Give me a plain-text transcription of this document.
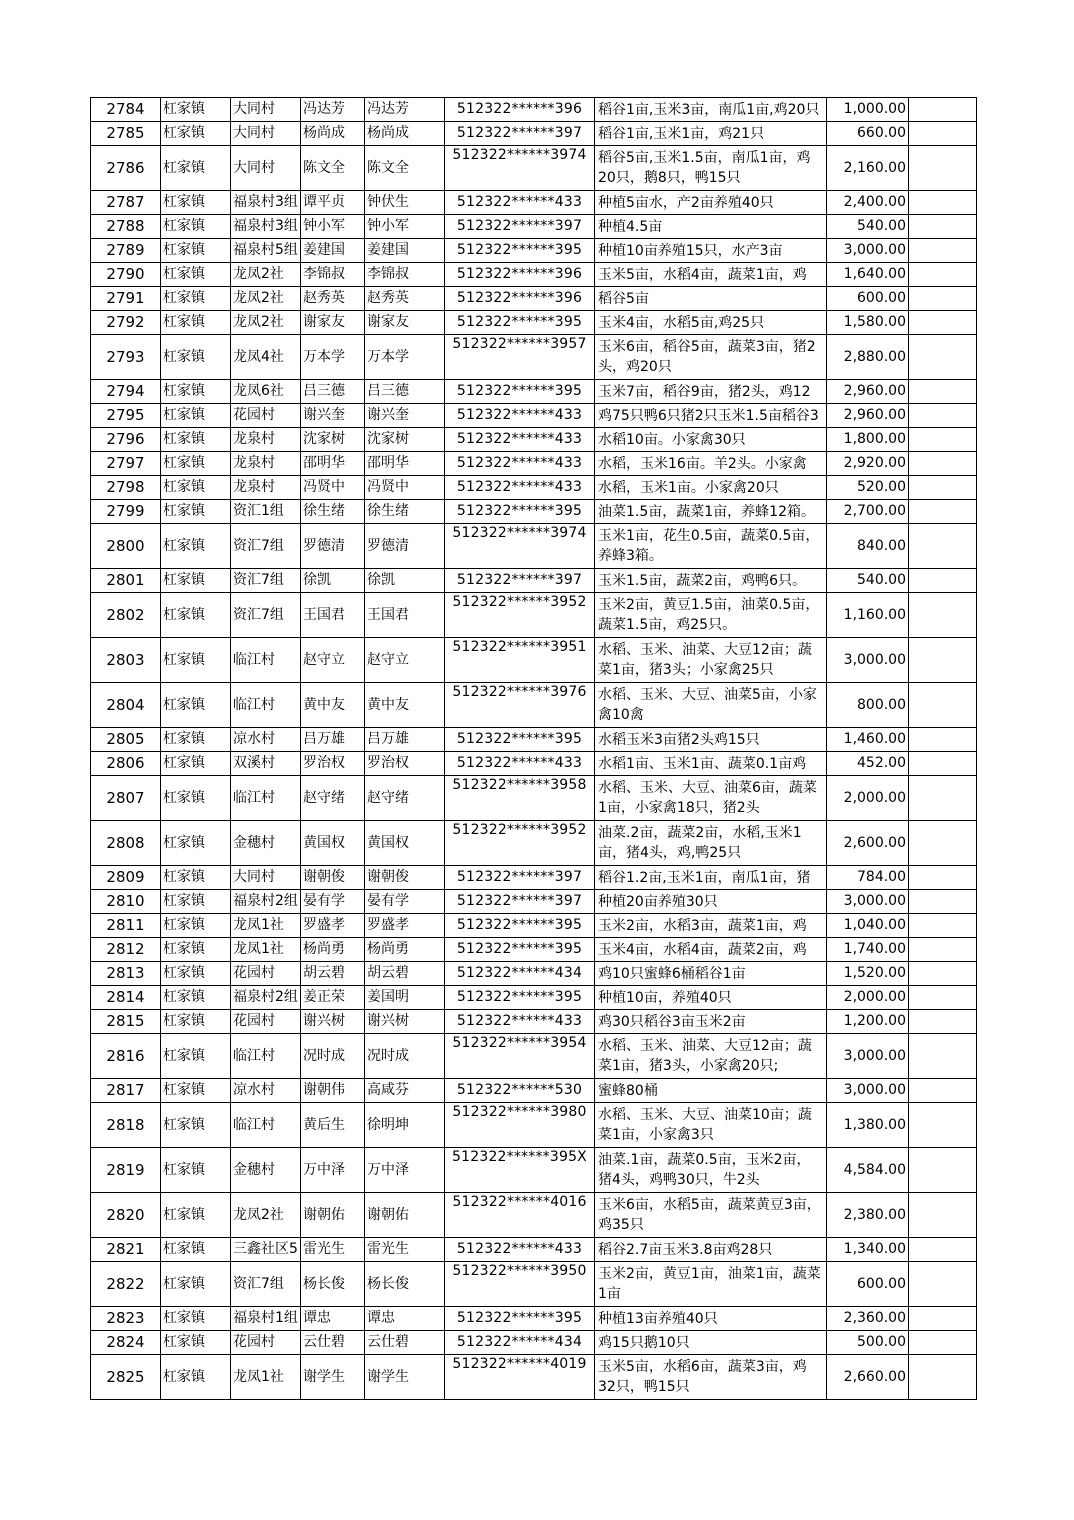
2784	杠家镇	大同村	冯达芳	冯达芳	512322******396	稻谷1亩,玉米3亩，南瓜1亩,鸡20只	1,000.00	
2785	杠家镇	大同村	杨尚成	杨尚成	512322******397	稻谷1亩,玉米1亩，鸡21只	660.00	
2786	杠家镇	大同村	陈文全	陈文全	512322******3974	稻谷5亩,玉米1.5亩，南瓜1亩，鸡20只，鹅8只，鸭15只	2,160.00	
2787	杠家镇	福泉村3组	谭平贞	钟伏生	512322******433	种植5亩水，产2亩养殖40只	2,400.00	
2788	杠家镇	福泉村3组	钟小军	钟小军	512322******397	种植4.5亩	540.00	
2789	杠家镇	福泉村5组	姜建国	姜建国	512322******395	种植10亩养殖15只，水产3亩	3,000.00	
2790	杠家镇	龙凤2社	李锦叔	李锦叔	512322******396	玉米5亩，水稻4亩，蔬菜1亩，鸡	1,640.00	
2791	杠家镇	龙凤2社	赵秀英	赵秀英	512322******396	稻谷5亩	600.00	
2792	杠家镇	龙凤2社	谢家友	谢家友	512322******395	玉米4亩，水稻5亩,鸡25只	1,580.00	
2793	杠家镇	龙凤4社	万本学	万本学	512322******3957	玉米6亩，稻谷5亩，蔬菜3亩，猪2头，鸡20只	2,880.00	
2794	杠家镇	龙凤6社	吕三德	吕三德	512322******395	玉米7亩，稻谷9亩，猪2头，鸡12	2,960.00	
2795	杠家镇	花园村	谢兴奎	谢兴奎	512322******433	鸡75只鸭6只猪2只玉米1.5亩稻谷3	2,960.00	
2796	杠家镇	龙泉村	沈家树	沈家树	512322******433	水稻10亩。小家禽30只	1,800.00	
2797	杠家镇	龙泉村	邵明华	邵明华	512322******433	水稻，玉米16亩。羊2头。小家禽	2,920.00	
2798	杠家镇	龙泉村	冯贤中	冯贤中	512322******433	水稻，玉米1亩。小家禽20只	520.00	
2799	杠家镇	资汇1组	徐生绪	徐生绪	512322******395	油菜1.5亩，蔬菜1亩，养蜂12箱。	2,700.00	
2800	杠家镇	资汇7组	罗德清	罗德清	512322******3974	玉米1亩，花生0.5亩，蔬菜0.5亩，养蜂3箱。	840.00	
2801	杠家镇	资汇7组	徐凯	徐凯	512322******397	玉米1.5亩，蔬菜2亩，鸡鸭6只。	540.00	
2802	杠家镇	资汇7组	王国君	王国君	512322******3952	玉米2亩，黄豆1.5亩，油菜0.5亩，蔬菜1.5亩，鸡25只。	1,160.00	
2803	杠家镇	临江村	赵守立	赵守立	512322******3951	水稻、玉米、油菜、大豆12亩；蔬菜1亩，猪3头；小家禽25只	3,000.00	
2804	杠家镇	临江村	黄中友	黄中友	512322******3976	水稻、玉米、大豆、油菜5亩，小家禽10禽	800.00	
2805	杠家镇	凉水村	吕万雄	吕万雄	512322******395	水稻玉米3亩猪2头鸡15只	1,460.00	
2806	杠家镇	双溪村	罗治权	罗治权	512322******433	水稻1亩、玉米1亩、蔬菜0.1亩鸡	452.00	
2807	杠家镇	临江村	赵守绪	赵守绪	512322******3958	水稻、玉米、大豆、油菜6亩，蔬菜1亩，小家禽18只，猪2头	2,000.00	
2808	杠家镇	金穗村	黄国权	黄国权	512322******3952	油菜.2亩，蔬菜2亩，水稻,玉米1亩，猪4头，鸡,鸭25只	2,600.00	
2809	杠家镇	大同村	谢朝俊	谢朝俊	512322******397	稻谷1.2亩,玉米1亩，南瓜1亩，猪	784.00	
2810	杠家镇	福泉村2组	晏有学	晏有学	512322******397	种植20亩养殖30只	3,000.00	
2811	杠家镇	龙凤1社	罗盛孝	罗盛孝	512322******395	玉米2亩，水稻3亩，蔬菜1亩，鸡	1,040.00	
2812	杠家镇	龙凤1社	杨尚勇	杨尚勇	512322******395	玉米4亩，水稻4亩，蔬菜2亩，鸡	1,740.00	
2813	杠家镇	花园村	胡云碧	胡云碧	512322******434	鸡10只蜜蜂6桶稻谷1亩	1,520.00	
2814	杠家镇	福泉村2组	姜正荣	姜国明	512322******395	种植10亩，养殖40只	2,000.00	
2815	杠家镇	花园村	谢兴树	谢兴树	512322******433	鸡30只稻谷3亩玉米2亩	1,200.00	
2816	杠家镇	临江村	况时成	况时成	512322******3954	水稻、玉米、油菜、大豆12亩；蔬菜1亩，猪3头，小家禽20只;	3,000.00	
2817	杠家镇	凉水村	谢朝伟	高咸芬	512322******530	蜜蜂80桶	3,000.00	
2818	杠家镇	临江村	黄后生	徐明坤	512322******3980	水稻、玉米、大豆、油菜10亩；蔬菜1亩，小家禽3只	1,380.00	
2819	杠家镇	金穗村	万中泽	万中泽	512322******395X	油菜.1亩，蔬菜0.5亩，玉米2亩，猪4头，鸡鸭30只，牛2头	4,584.00	
2820	杠家镇	龙凤2社	谢朝佑	谢朝佑	512322******4016	玉米6亩，水稻5亩，蔬菜黄豆3亩，鸡35只	2,380.00	
2821	杠家镇	三鑫社区5	雷光生	雷光生	512322******433	稻谷2.7亩玉米3.8亩鸡28只	1,340.00	
2822	杠家镇	资汇7组	杨长俊	杨长俊	512322******3950	玉米2亩，黄豆1亩，油菜1亩，蔬菜1亩	600.00	
2823	杠家镇	福泉村1组	谭忠	谭忠	512322******395	种植13亩养殖40只	2,360.00	
2824	杠家镇	花园村	云仕碧	云仕碧	512322******434	鸡15只鹅10只	500.00	
2825	杠家镇	龙凤1社	谢学生	谢学生	512322******4019	玉米5亩，水稻6亩，蔬菜3亩，鸡32只，鸭15只	2,660.00	
